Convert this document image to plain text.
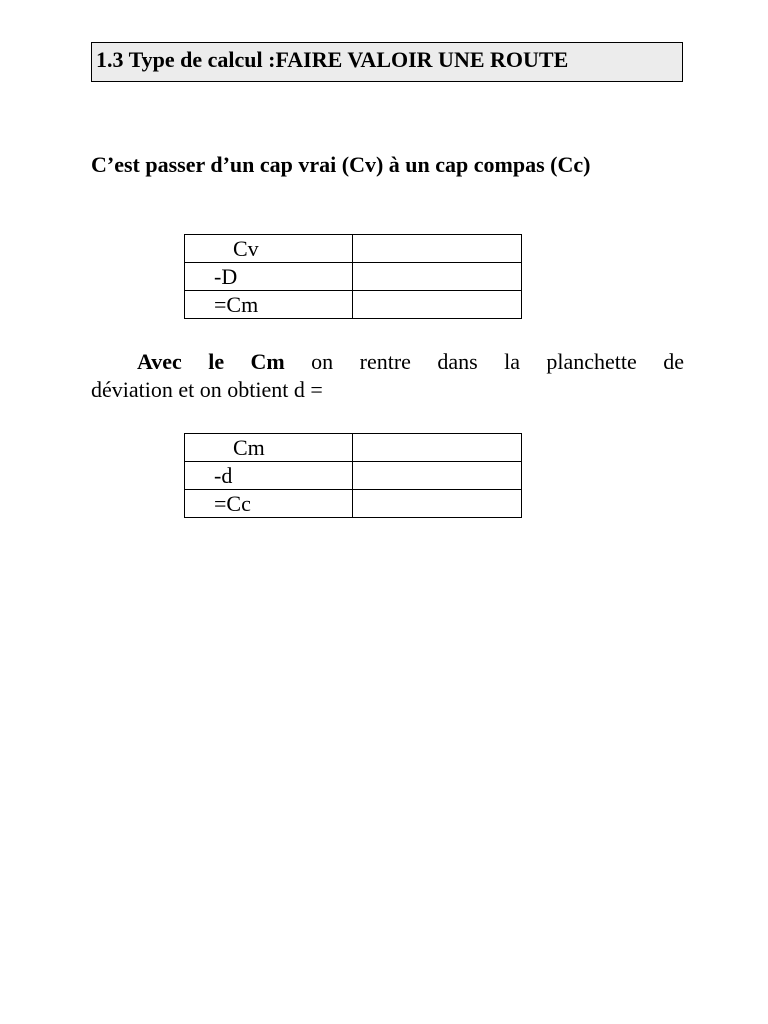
1.3 Type de calcul :FAIRE VALOIR UNE ROUTE
C’est passer d’un cap vrai (Cv) à un cap compas (Cc)
Cv	
-D	
=Cm	
Avec le Cm on rentre dans la planchette de
déviation et on obtient d =
Cm	
-d	
=Cc	
